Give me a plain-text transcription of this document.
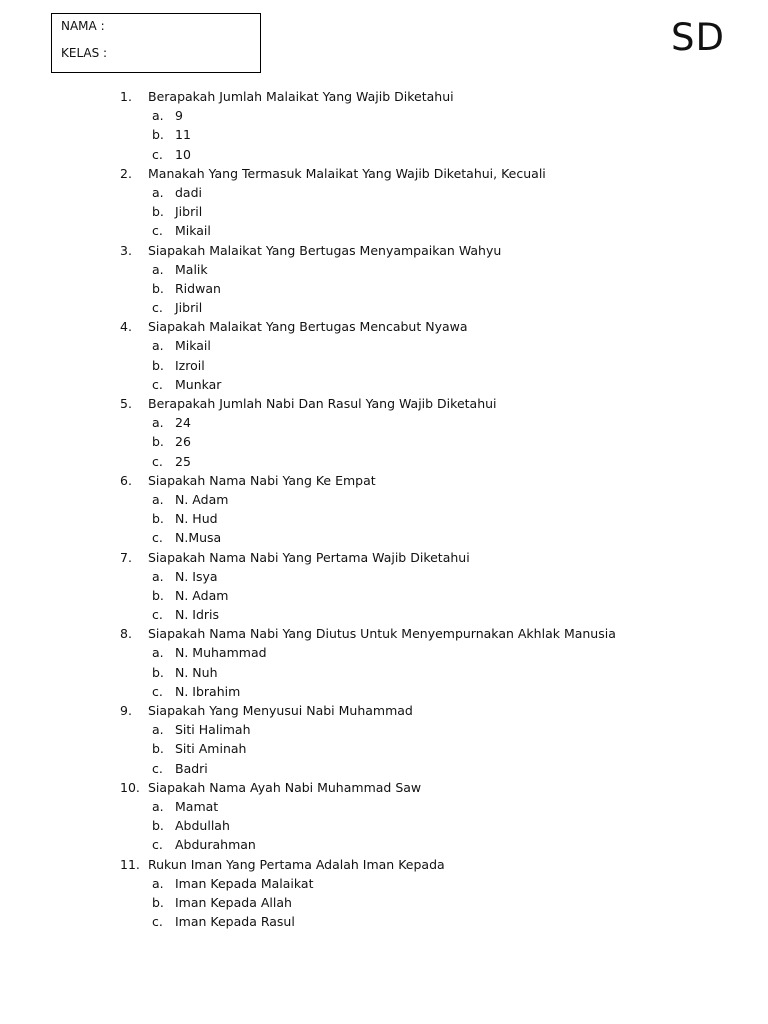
NAMA :
KELAS :	SD
1.	Berapakah Jumlah Malaikat Yang Wajib Diketahui
a. 9
b. 11
c. 10
2.	Manakah Yang Termasuk Malaikat Yang Wajib Diketahui, Kecuali
a. dadi
b. Jibril
c. Mikail
3.	Siapakah Malaikat Yang Bertugas Menyampaikan Wahyu
a. Malik
b. Ridwan
c. Jibril
4.	Siapakah Malaikat Yang Bertugas Mencabut Nyawa
a. Mikail
b. Izroil
c. Munkar
5.	Berapakah Jumlah Nabi Dan Rasul Yang Wajib Diketahui
a. 24
b. 26
c. 25
6.	Siapakah Nama Nabi Yang Ke Empat
a. N. Adam
b. N. Hud
c. N.Musa
7.	Siapakah Nama Nabi Yang Pertama Wajib Diketahui
a. N. Isya
b. N. Adam
c. N. Idris
8.	Siapakah Nama Nabi Yang Diutus Untuk Menyempurnakan Akhlak Manusia
a. N. Muhammad
b. N. Nuh
c. N. Ibrahim
9.	Siapakah Yang Menyusui Nabi Muhammad
a. Siti Halimah
b. Siti Aminah
c. Badri
10. Siapakah Nama Ayah Nabi Muhammad Saw
a. Mamat
b. Abdullah
c. Abdurahman
11. Rukun Iman Yang Pertama Adalah Iman Kepada
a. Iman Kepada Malaikat
b. Iman Kepada Allah
c. Iman Kepada Rasul
